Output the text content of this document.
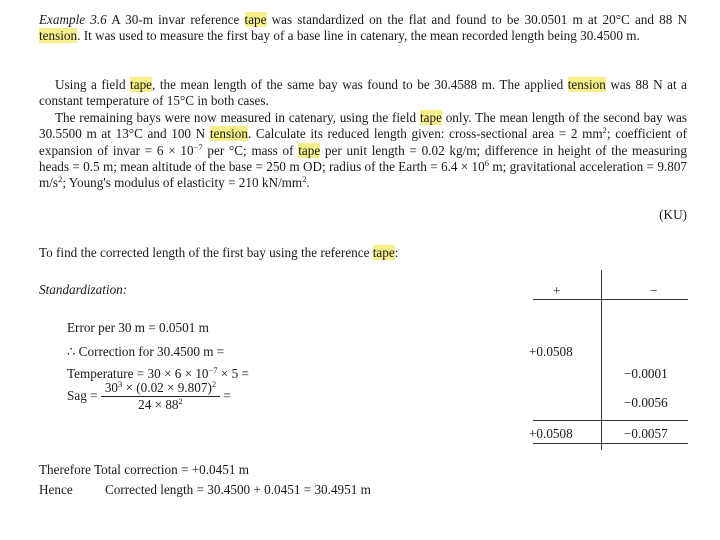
Example 3.6 A 30-m invar reference tape was standardized on the flat and found to be 30.0501 m at 20°C and 88 N tension. It was used to measure the first bay of a base line in catenary, the mean recorded length being 30.4500 m.
Using a field tape, the mean length of the same bay was found to be 30.4588 m. The applied tension was 88 N at a constant temperature of 15°C in both cases.
The remaining bays were now measured in catenary, using the field tape only. The mean length of the second bay was 30.5500 m at 13°C and 100 N tension. Calculate its reduced length given: cross-sectional area = 2 $mm^2$; coefficient of expansion of invar = $6 \times 10^{-7}$ per °C; mass of tape per unit length = 0.02 kg/m; difference in height of the measuring heads = 0.5 m; mean altitude of the base = 250 m OD; radius of the Earth = $6.4 \times 10^6$ m; gravitational acceleration = 9.807 $m/s^2$; Young's modulus of elasticity = 210 $kN/mm^2$.
(KU)
To find the corrected length of the first bay using the reference tape:
Standardization:	+	−
Error per 30 m = 0.0501 m
∴ Correction for 30.4500 m =	+0.0508
Temperature = $30 \times 6 \times 10^{-7} \times 5$ =	−0.0001
Sag = $\frac{30^3 \times (0.02 \times 9.807)^2}{24 \times 88^2}$ =	−0.0056
+0.0508	−0.0057
Therefore Total correction = +0.0451 m
Hence Corrected length = 30.4500 + 0.0451 = 30.4951 m
